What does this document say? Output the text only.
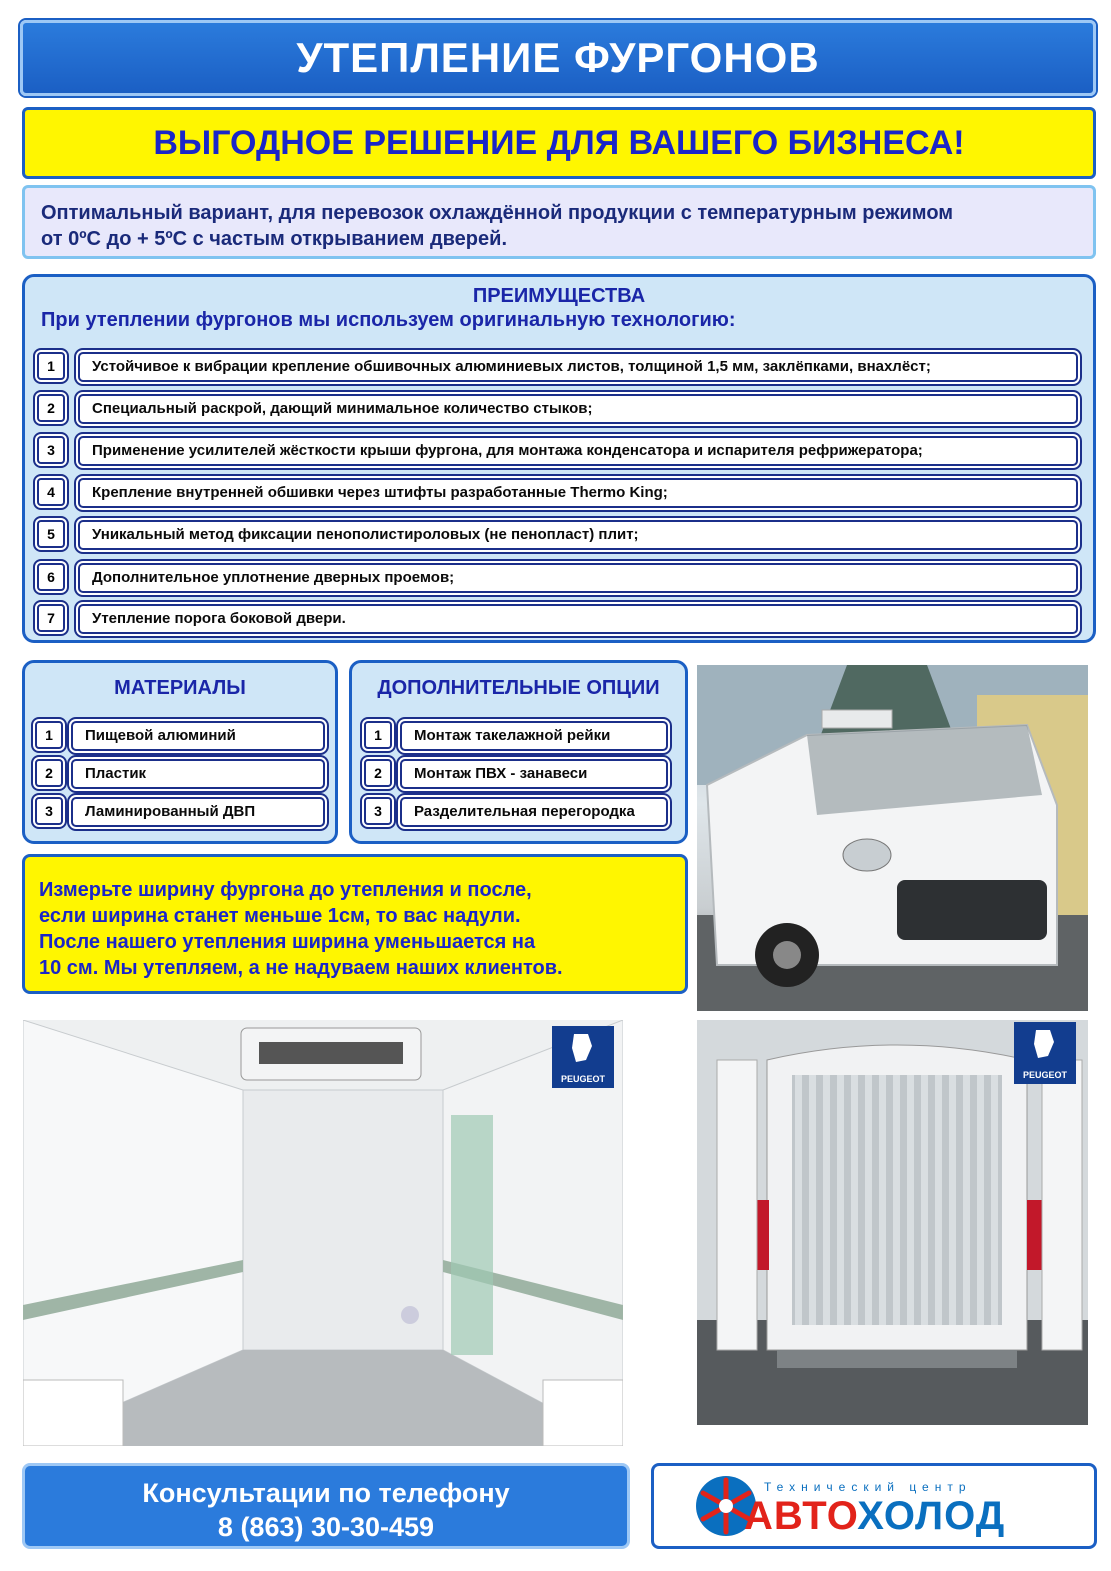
УТЕПЛЕНИЕ ФУРГОНОВ
ВЫГОДНОЕ РЕШЕНИЕ ДЛЯ ВАШЕГО БИЗНЕСА!
Оптимальный вариант, для перевозок охлаждённой продукции с температурным режимом
от 0ºС до + 5ºС с частым открыванием дверей.
ПРЕИМУЩЕСТВА
При утеплении фургонов мы используем оригинальную технологию:
1	Устойчивое к вибрации крепление обшивочных алюминиевых листов, толщиной 1,5 мм, заклёпками, внахлёст;
2	Специальный раскрой, дающий минимальное количество стыков;
3	Применение усилителей жёсткости крыши фургона, для монтажа конденсатора и испарителя рефрижератора;
4	Крепление внутренней обшивки через штифты разработанные Thermo King;
5	Уникальный метод фиксации пенополистироловых (не пенопласт) плит;
6	Дополнительное уплотнение дверных проемов;
7	Утепление порога боковой двери.
МАТЕРИАЛЫ
1	Пищевой алюминий
2	Пластик
3	Ламинированный ДВП
ДОПОЛНИТЕЛЬНЫЕ ОПЦИИ
1	Монтаж такелажной рейки
2	Монтаж ПВХ - занавеси
3	Разделительная перегородка
Измерьте ширину фургона до утепления и после,
если ширина станет меньше 1см, то вас надули.
После нашего утепления ширина уменьшается на
10 см. Мы утепляем, а не надуваем наших клиентов.
PEUGEOT	PEUGEOT
Консультации по телефону
8 (863) 30-30-459
Технический центр
АВТОХОЛОД
